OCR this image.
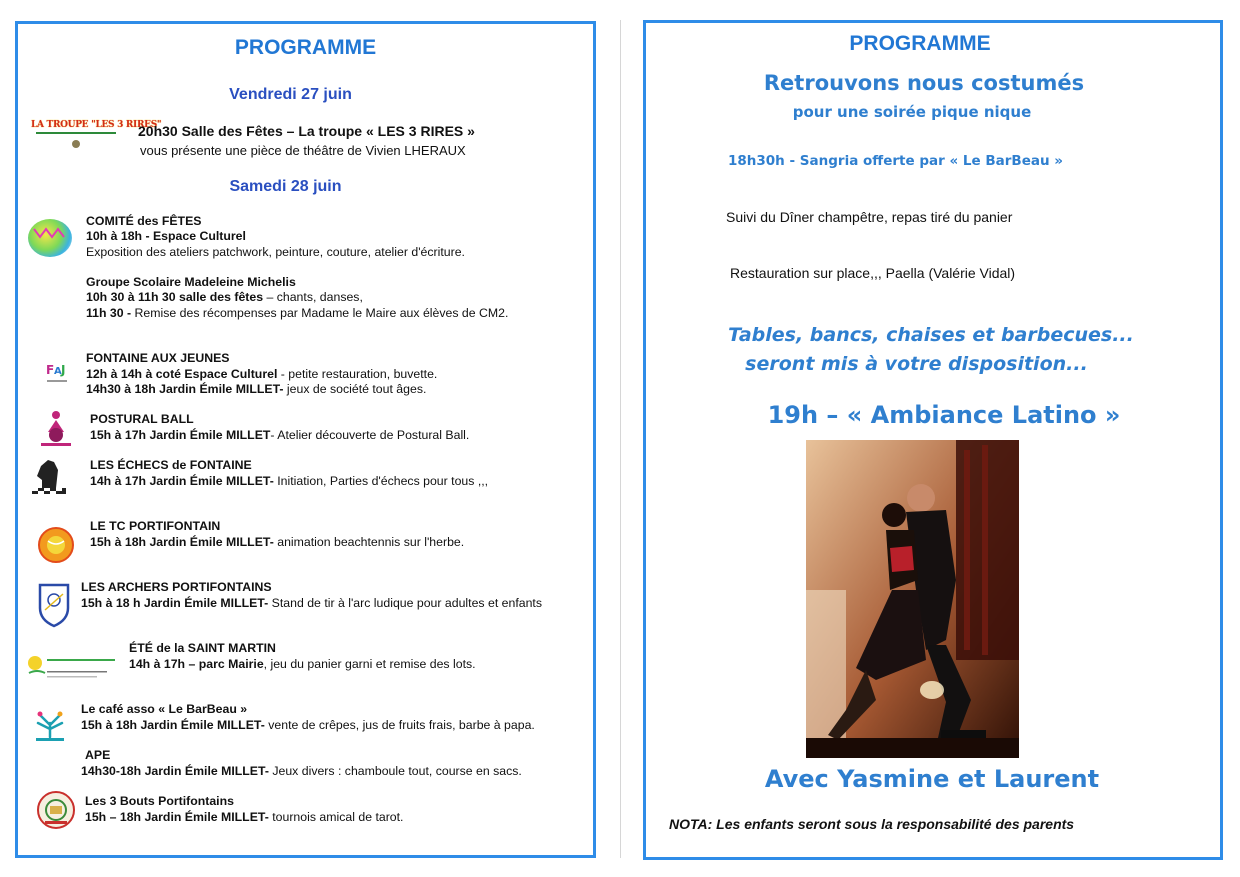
PROGRAMME
Vendredi 27 juin
LA TROUPE "LES 3 RIRES"
20h30 Salle des Fêtes – La troupe « LES 3 RIRES »
vous présente une pièce de théâtre de Vivien LHERAUX
Samedi 28 juin
COMITÉ des FÊTES
10h à 18h - Espace Culturel
Exposition des ateliers patchwork, peinture, couture, atelier d'écriture.
Groupe Scolaire Madeleine Michelis
10h 30 à 11h 30 salle des fêtes – chants, danses,
11h 30 - Remise des récompenses par Madame le Maire aux élèves de CM2.
F A J
FONTAINE AUX JEUNES
12h à 14h à coté Espace Culturel - petite restauration, buvette.
14h30 à 18h Jardin Émile MILLET- jeux de société tout âges.
POSTURAL BALL
15h à 17h Jardin Émile MILLET- Atelier découverte de Postural Ball.
LES ÉCHECS de FONTAINE
14h à 17h Jardin Émile MILLET- Initiation, Parties d'échecs pour tous ,,,
LE TC PORTIFONTAIN
15h à 18h Jardin Émile MILLET- animation beachtennis sur l'herbe.
LES ARCHERS PORTIFONTAINS
15h à 18 h Jardin Émile MILLET- Stand de tir à l'arc ludique pour adultes et enfants
ÉTÉ de la SAINT MARTIN
14h à 17h – parc Mairie, jeu du panier garni et remise des lots.
Le café asso « Le BarBeau »
15h à 18h Jardin Émile MILLET- vente de crêpes, jus de fruits frais, barbe à papa.
APE
14h30-18h Jardin Émile MILLET- Jeux divers : chamboule tout, course en sacs.
Les 3 Bouts Portifontains
15h – 18h Jardin Émile MILLET- tournois amical de tarot.
PROGRAMME
Retrouvons nous costumés
pour une soirée pique nique
18h30h - Sangria offerte par « Le BarBeau »
Suivi du Dîner champêtre, repas tiré du panier
Restauration sur place,,, Paella (Valérie Vidal)
Tables, bancs, chaises et barbecues...
seront mis à votre disposition...
19h – « Ambiance Latino »
Avec Yasmine et Laurent
NOTA: Les enfants seront sous la responsabilité des parents
